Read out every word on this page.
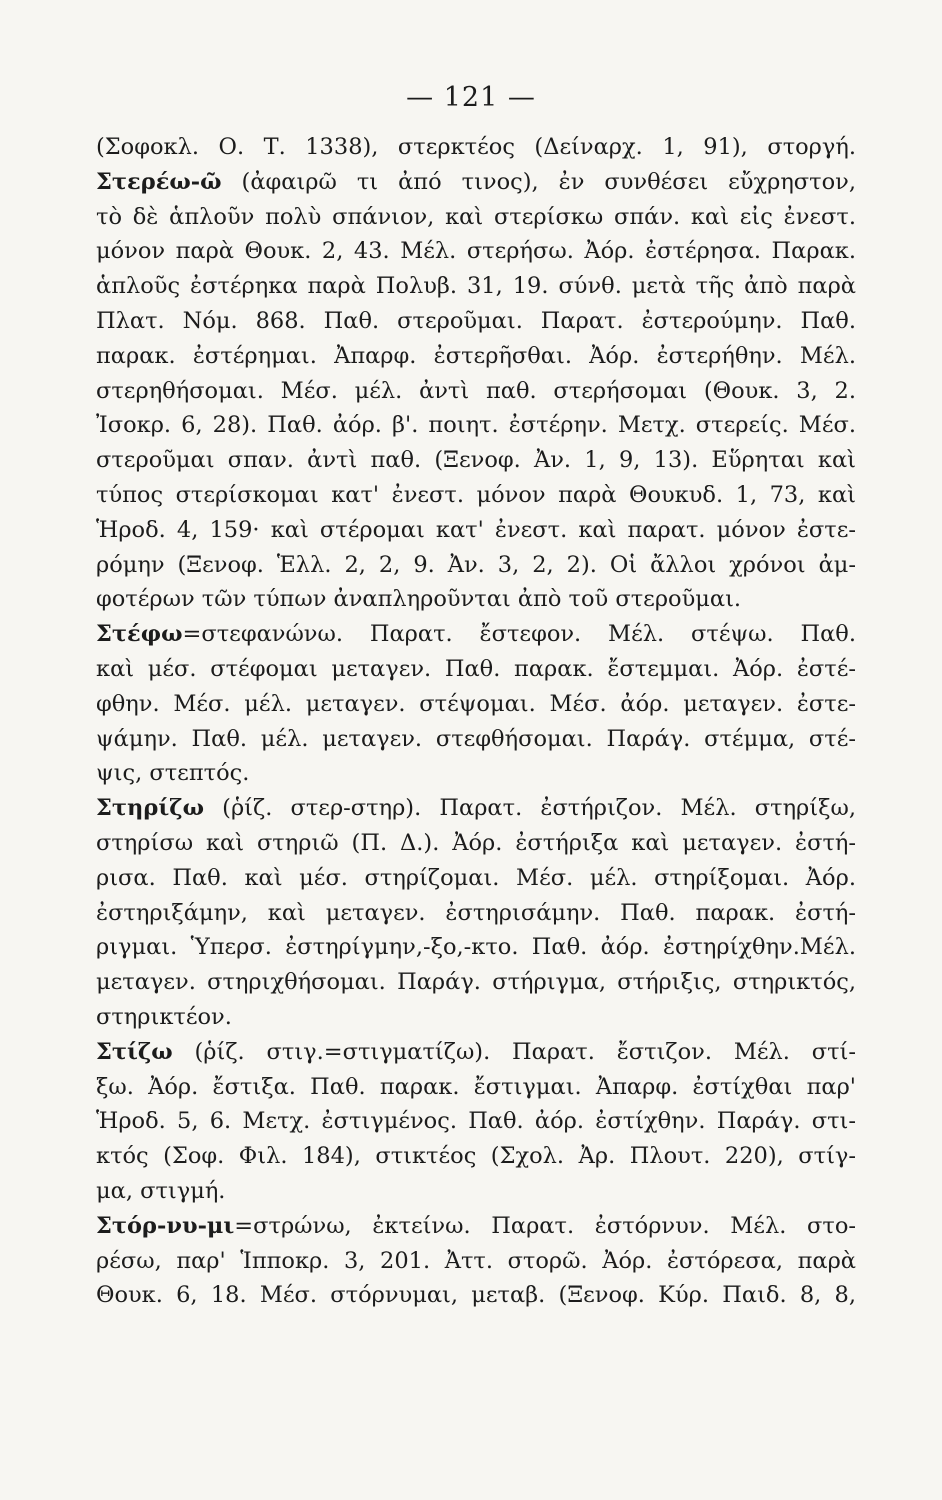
— 121 —
(Σοφοκλ. Ο. Τ. 1338), στερκτέος (Δείναρχ. 1, 91), στοργή.
Στερέω-ῶ (ἀφαιρῶ τι ἀπό τινος), ἐν συνθέσει εὔχρηστον,
τὸ δὲ ἁπλοῦν πολὺ σπάνιον, καὶ στερίσκω σπάν. καὶ εἰς ἐνεστ.
μόνον παρὰ Θουκ. 2, 43. Μέλ. στερήσω. Ἀόρ. ἐστέρησα. Παρακ.
ἁπλοῦς ἐστέρηκα παρὰ Πολυβ. 31, 19. σύνθ. μετὰ τῆς ἀπὸ παρὰ
Πλατ. Νόμ. 868. Παθ. στεροῦμαι. Παρατ. ἐστερούμην. Παθ.
παρακ. ἐστέρημαι. Ἀπαρφ. ἐστερῆσθαι. Ἀόρ. ἐστερήθην. Μέλ.
στερηθήσομαι. Μέσ. μέλ. ἀντὶ παθ. στερήσομαι (Θουκ. 3, 2.
Ἰσοκρ. 6, 28). Παθ. ἀόρ. β'. ποιητ. ἐστέρην. Μετχ. στερείς. Μέσ.
στεροῦμαι σπαν. ἀντὶ παθ. (Ξενοφ. Ἀν. 1, 9, 13). Εὕρηται καὶ
τύπος στερίσκομαι κατ' ἐνεστ. μόνον παρὰ Θουκυδ. 1, 73, καὶ
Ἡροδ. 4, 159· καὶ στέρομαι κατ' ἐνεστ. καὶ παρατ. μόνον ἐστε-
ρόμην (Ξενοφ. Ἑλλ. 2, 2, 9. Ἀν. 3, 2, 2). Οἱ ἄλλοι χρόνοι ἀμ-
φοτέρων τῶν τύπων ἀναπληροῦνται ἀπὸ τοῦ στεροῦμαι.
Στέφω=στεφανώνω. Παρατ. ἔστεφον. Μέλ. στέψω. Παθ.
καὶ μέσ. στέφομαι μεταγεν. Παθ. παρακ. ἔστεμμαι. Ἀόρ. ἐστέ-
φθην. Μέσ. μέλ. μεταγεν. στέψομαι. Μέσ. ἀόρ. μεταγεν. ἐστε-
ψάμην. Παθ. μέλ. μεταγεν. στεφθήσομαι. Παράγ. στέμμα, στέ-
ψις, στεπτός.
Στηρίζω (ῥίζ. στερ-στηρ). Παρατ. ἐστήριζον. Μέλ. στηρίξω,
στηρίσω καὶ στηριῶ (Π. Δ.). Ἀόρ. ἐστήριξα καὶ μεταγεν. ἐστή-
ρισα. Παθ. καὶ μέσ. στηρίζομαι. Μέσ. μέλ. στηρίξομαι. Ἀόρ.
ἐστηριξάμην, καὶ μεταγεν. ἐστηρισάμην. Παθ. παρακ. ἐστή-
ριγμαι. Ὑπερσ. ἐστηρίγμην,-ξο,-κτο. Παθ. ἀόρ. ἐστηρίχθην.Μέλ.
μεταγεν. στηριχθήσομαι. Παράγ. στήριγμα, στήριξις, στηρικτός,
στηρικτέον.
Στίζω (ῥίζ. στιγ.=στιγματίζω). Παρατ. ἔστιζον. Μέλ. στί-
ξω. Ἀόρ. ἔστιξα. Παθ. παρακ. ἔστιγμαι. Ἀπαρφ. ἐστίχθαι παρ'
Ἡροδ. 5, 6. Μετχ. ἐστιγμένος. Παθ. ἀόρ. ἐστίχθην. Παράγ. στι-
κτός (Σοφ. Φιλ. 184), στικτέος (Σχολ. Ἀρ. Πλουτ. 220), στίγ-
μα, στιγμή.
Στόρ-νυ-μι=στρώνω, ἐκτείνω. Παρατ. ἐστόρνυν. Μέλ. στο-
ρέσω, παρ' Ἱπποκρ. 3, 201. Ἀττ. στορῶ. Ἀόρ. ἐστόρεσα, παρὰ
Θουκ. 6, 18. Μέσ. στόρνυμαι, μεταβ. (Ξενοφ. Κύρ. Παιδ. 8, 8,
